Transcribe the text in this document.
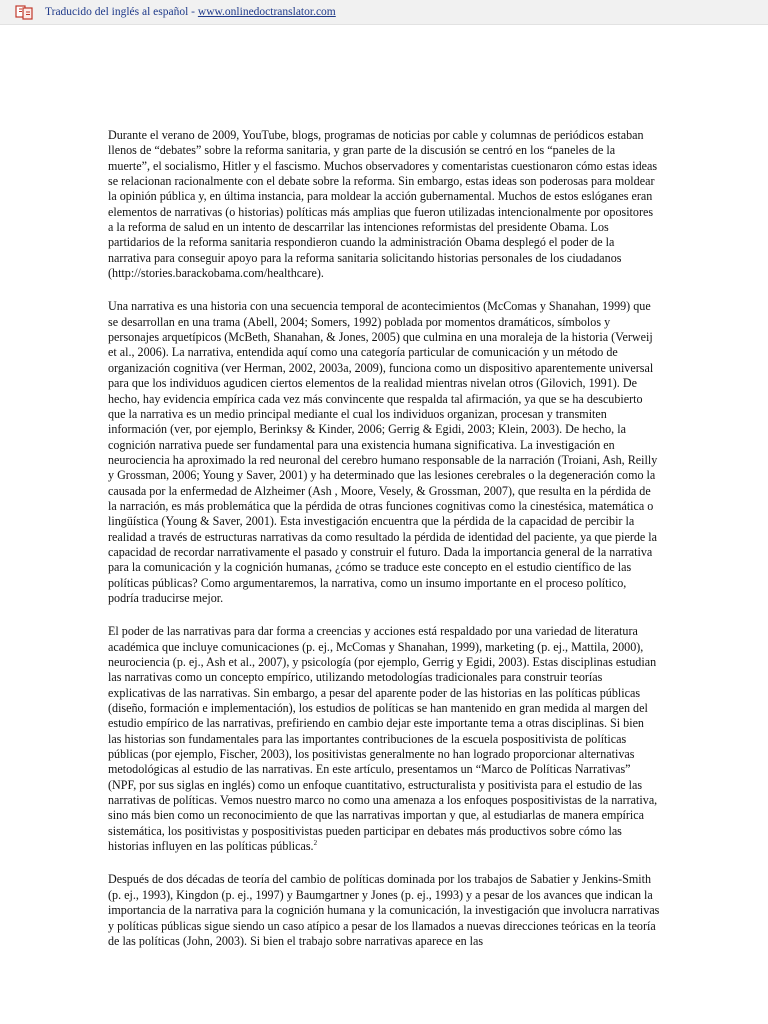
Traducido del inglés al español - www.onlinedoctranslator.com

Durante el verano de 2009, YouTube, blogs, programas de noticias por cable y columnas de periódicos estaban llenos de “debates” sobre la reforma sanitaria, y gran parte de la discusión se centró en los “paneles de la muerte”, el socialismo, Hitler y el fascismo. Muchos observadores y comentaristas cuestionaron cómo estas ideas se relacionan racionalmente con el debate sobre la reforma. Sin embargo, estas ideas son poderosas para moldear la opinión pública y, en última instancia, para moldear la acción gubernamental. Muchos de estos eslóganes eran elementos de narrativas (o historias) políticas más amplias que fueron utilizadas intencionalmente por opositores a la reforma de salud en un intento de descarrilar las intenciones reformistas del presidente Obama. Los partidarios de la reforma sanitaria respondieron cuando la administración Obama desplegó el poder de la narrativa para conseguir apoyo para la reforma sanitaria solicitando historias personales de los ciudadanos (http://stories.barackobama.com/healthcare).

Una narrativa es una historia con una secuencia temporal de acontecimientos (McComas y Shanahan, 1999) que se desarrollan en una trama (Abell, 2004; Somers, 1992) poblada por momentos dramáticos, símbolos y personajes arquetípicos (McBeth, Shanahan, & Jones, 2005) que culmina en una moraleja de la historia (Verweij et al., 2006). La narrativa, entendida aquí como una categoría particular de comunicación y un método de organización cognitiva (ver Herman, 2002, 2003a, 2009), funciona como un dispositivo aparentemente universal para que los individuos agudicen ciertos elementos de la realidad mientras nivelan otros (Gilovich, 1991). De hecho, hay evidencia empírica cada vez más convincente que respalda tal afirmación, ya que se ha descubierto que la narrativa es un medio principal mediante el cual los individuos organizan, procesan y transmiten información (ver, por ejemplo, Berinksy & Kinder, 2006; Gerrig & Egidi, 2003; Klein, 2003). De hecho, la cognición narrativa puede ser fundamental para una existencia humana significativa. La investigación en neurociencia ha aproximado la red neuronal del cerebro humano responsable de la narración (Troiani, Ash, Reilly y Grossman, 2006; Young y Saver, 2001) y ha determinado que las lesiones cerebrales o la degeneración como la causada por la enfermedad de Alzheimer (Ash , Moore, Vesely, & Grossman, 2007), que resulta en la pérdida de la narración, es más problemática que la pérdida de otras funciones cognitivas como la cinestésica, matemática o lingüística (Young & Saver, 2001). Esta investigación encuentra que la pérdida de la capacidad de percibir la realidad a través de estructuras narrativas da como resultado la pérdida de identidad del paciente, ya que pierde la capacidad de recordar narrativamente el pasado y construir el futuro. Dada la importancia general de la narrativa para la comunicación y la cognición humanas, ¿cómo se traduce este concepto en el estudio científico de las políticas públicas? Como argumentaremos, la narrativa, como un insumo importante en el proceso político, podría traducirse mejor.

El poder de las narrativas para dar forma a creencias y acciones está respaldado por una variedad de literatura académica que incluye comunicaciones (p. ej., McComas y Shanahan, 1999), marketing (p. ej., Mattila, 2000), neurociencia (p. ej., Ash et al., 2007), y psicología (por ejemplo, Gerrig y Egidi, 2003). Estas disciplinas estudian las narrativas como un concepto empírico, utilizando metodologías tradicionales para construir teorías explicativas de las narrativas. Sin embargo, a pesar del aparente poder de las historias en las políticas públicas (diseño, formación e implementación), los estudios de políticas se han mantenido en gran medida al margen del estudio empírico de las narrativas, prefiriendo en cambio dejar este importante tema a otras disciplinas. Si bien las historias son fundamentales para las importantes contribuciones de la escuela pospositivista de políticas públicas (por ejemplo, Fischer, 2003), los positivistas generalmente no han logrado proporcionar alternativas metodológicas al estudio de las narrativas. En este artículo, presentamos un “Marco de Políticas Narrativas” (NPF, por sus siglas en inglés) como un enfoque cuantitativo, estructuralista y positivista para el estudio de las narrativas de políticas. Vemos nuestro marco no como una amenaza a los enfoques pospositivistas de la narrativa, sino más bien como un reconocimiento de que las narrativas importan y que, al estudiarlas de manera empírica sistemática, los positivistas y pospositivistas pueden participar en debates más productivos sobre cómo las historias influyen en las políticas públicas.$^2$

Después de dos décadas de teoría del cambio de políticas dominada por los trabajos de Sabatier y Jenkins-Smith (p. ej., 1993), Kingdon (p. ej., 1997) y Baumgartner y Jones (p. ej., 1993) y a pesar de los avances que indican la importancia de la narrativa para la cognición humana y la comunicación, la investigación que involucra narrativas y políticas públicas sigue siendo un caso atípico a pesar de los llamados a nuevas direcciones teóricas en la teoría de las políticas (John, 2003). Si bien el trabajo sobre narrativas aparece en las
